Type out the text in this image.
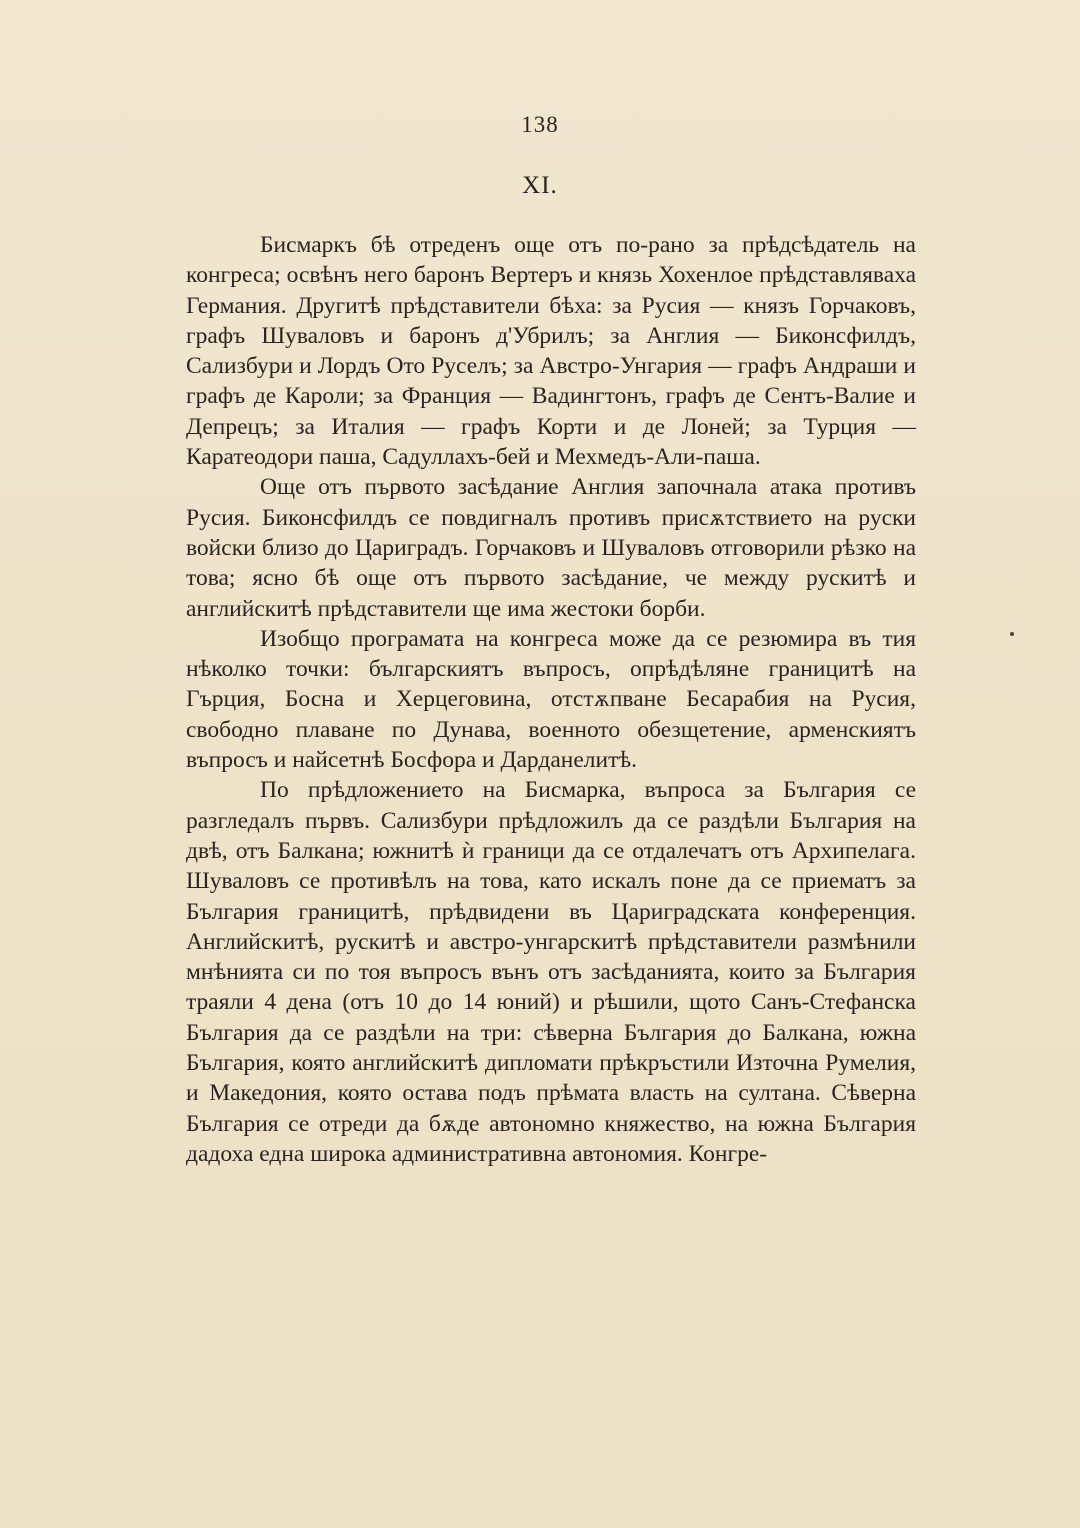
138
XI.

Бисмаркъ бѣ отреденъ още отъ по-рано за прѣдсѣдатель на конгреса; освѣнъ него баронъ Вертеръ и князь Хохенлое прѣдставляваха Германия. Другитѣ прѣдставители бѣха: за Русия — князъ Горчаковъ, графъ Шуваловъ и баронъ д'Убрилъ; за Англия — Биконсфилдъ, Сализбури и Лордъ Ото Руселъ; за Австро-Унгария — графъ Андраши и графъ де Кароли; за Франция — Вадингтонъ, графъ де Сентъ-Валие и Депрецъ; за Италия — графъ Корти и де Лоней; за Турция — Каратеодори паша, Садуллахъ-бей и Мехмедъ-Али-паша.

Още отъ първото засѣдание Англия започнала атака противъ Русия. Биконсфилдъ се повдигналъ противъ присѫтствието на руски войски близо до Цариградъ. Горчаковъ и Шуваловъ отговорили рѣзко на това; ясно бѣ още отъ първото засѣдание, че между рускитѣ и английскитѣ прѣдставители ще има жестоки борби.

Изобщо програмата на конгреса може да се резюмира въ тия нѣколко точки: българскиятъ въпросъ, опрѣдѣляне границитѣ на Гърция, Босна и Херцеговина, отстѫпване Бесарабия на Русия, свободно плаване по Дунава, военното обезщетение, арменскиятъ въпросъ и найсетнѣ Босфора и Дарданелитѣ.

По прѣдложението на Бисмарка, въпроса за България се разгледалъ първъ. Сализбури прѣдложилъ да се раздѣли България на двѣ, отъ Балкана; южнитѣ ѝ граници да се отдалечатъ отъ Архипелага. Шуваловъ се противѣлъ на това, като искалъ поне да се приематъ за България границитѣ, прѣдвидени въ Цариградската конференция. Английскитѣ, рускитѣ и австро-унгарскитѣ прѣдставители размѣнили мнѣнията си по тоя въпросъ вънъ отъ засѣданията, които за България траяли 4 дена (отъ 10 до 14 юний) и рѣшили, щото Санъ-Стефанска България да се раздѣли на три: сѣверна България до Балкана, южна България, която английскитѣ дипломати прѣкръстили Източна Румелия, и Македония, която остава подъ прѣмата власть на султана. Сѣверна България се отреди да бѫде автономно княжество, на южна България дадоха една широка административна автономия. Конгре-
